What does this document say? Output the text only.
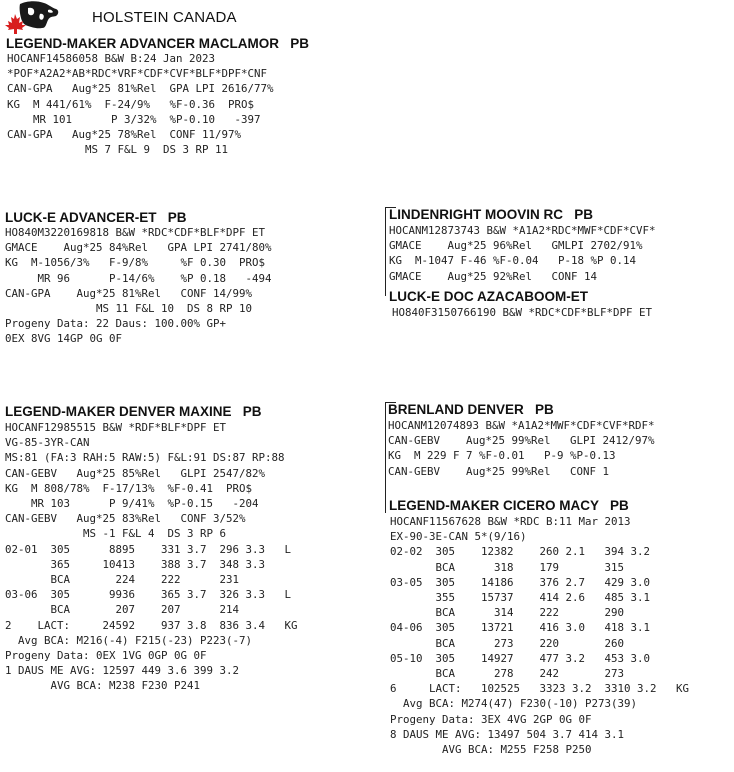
HOLSTEIN CANADA
LEGEND-MAKER ADVANCER MACLAMOR   PB
HOCANF14586058 B&W B:24 Jan 2023
*POF*A2A2*AB*RDC*VRF*CDF*CVF*BLF*DPF*CNF
CAN-GPA   Aug*25 81%Rel  GPA LPI 2616/77%
KG  M 441/61%  F-24/9%   %F-0.36  PRO$
MR 101      P 3/32%  %P-0.10   -397
CAN-GPA   Aug*25 78%Rel  CONF 11/97%
MS 7 F&L 9  DS 3 RP 11
LUCK-E ADVANCER-ET   PB
HO840M3220169818 B&W *RDC*CDF*BLF*DPF ET
GMACE    Aug*25 84%Rel   GPA LPI 2741/80%
KG  M-1056/3%   F-9/8%     %F 0.30  PRO$
MR 96      P-14/6%    %P 0.18   -494
CAN-GPA    Aug*25 81%Rel   CONF 14/99%
MS 11 F&L 10  DS 8 RP 10
Progeny Data: 22 Daus: 100.00% GP+
0EX 8VG 14GP 0G 0F
LINDENRIGHT MOOVIN RC   PB
HOCANM12873743 B&W *A1A2*RDC*MWF*CDF*CVF*
GMACE    Aug*25 96%Rel   GMLPI 2702/91%
KG  M-1047 F-46 %F-0.04   P-18 %P 0.14
GMACE    Aug*25 92%Rel   CONF 14
LUCK-E DOC AZACABOOM-ET
HO840F3150766190 B&W *RDC*CDF*BLF*DPF ET
LEGEND-MAKER DENVER MAXINE   PB
HOCANF12985515 B&W *RDF*BLF*DPF ET
VG-85-3YR-CAN
MS:81 (FA:3 RAH:5 RAW:5) F&L:91 DS:87 RP:88
CAN-GEBV   Aug*25 85%Rel   GLPI 2547/82%
KG  M 808/78%  F-17/13%  %F-0.41  PRO$
MR 103      P 9/41%  %P-0.15   -204
CAN-GEBV   Aug*25 83%Rel   CONF 3/52%
MS -1 F&L 4  DS 3 RP 6
02-01  305      8895    331 3.7  296 3.3   L
365     10413    388 3.7  348 3.3
BCA       224    222      231
03-06  305      9936    365 3.7  326 3.3   L
BCA       207    207      214
2    LACT:     24592    937 3.8  836 3.4   KG
Avg BCA: M216(-4) F215(-23) P223(-7)
Progeny Data: 0EX 1VG 0GP 0G 0F
1 DAUS ME AVG: 12597 449 3.6 399 3.2
AVG BCA: M238 F230 P241
BRENLAND DENVER   PB
HOCANM12074893 B&W *A1A2*MWF*CDF*CVF*RDF*
CAN-GEBV    Aug*25 99%Rel   GLPI 2412/97%
KG  M 229 F 7 %F-0.01   P-9 %P-0.13
CAN-GEBV    Aug*25 99%Rel   CONF 1
LEGEND-MAKER CICERO MACY   PB
HOCANF11567628 B&W *RDC B:11 Mar 2013
EX-90-3E-CAN 5*(9/16)
02-02  305    12382    260 2.1   394 3.2
BCA      318    179       315
03-05  305    14186    376 2.7   429 3.0
355    15737    414 2.6   485 3.1
BCA      314    222       290
04-06  305    13721    416 3.0   418 3.1
BCA      273    220       260
05-10  305    14927    477 3.2   453 3.0
BCA      278    242       273
6     LACT:   102525   3323 3.2  3310 3.2   KG
Avg BCA: M274(47) F230(-10) P273(39)
Progeny Data: 3EX 4VG 2GP 0G 0F
8 DAUS ME AVG: 13497 504 3.7 414 3.1
AVG BCA: M255 F258 P250
